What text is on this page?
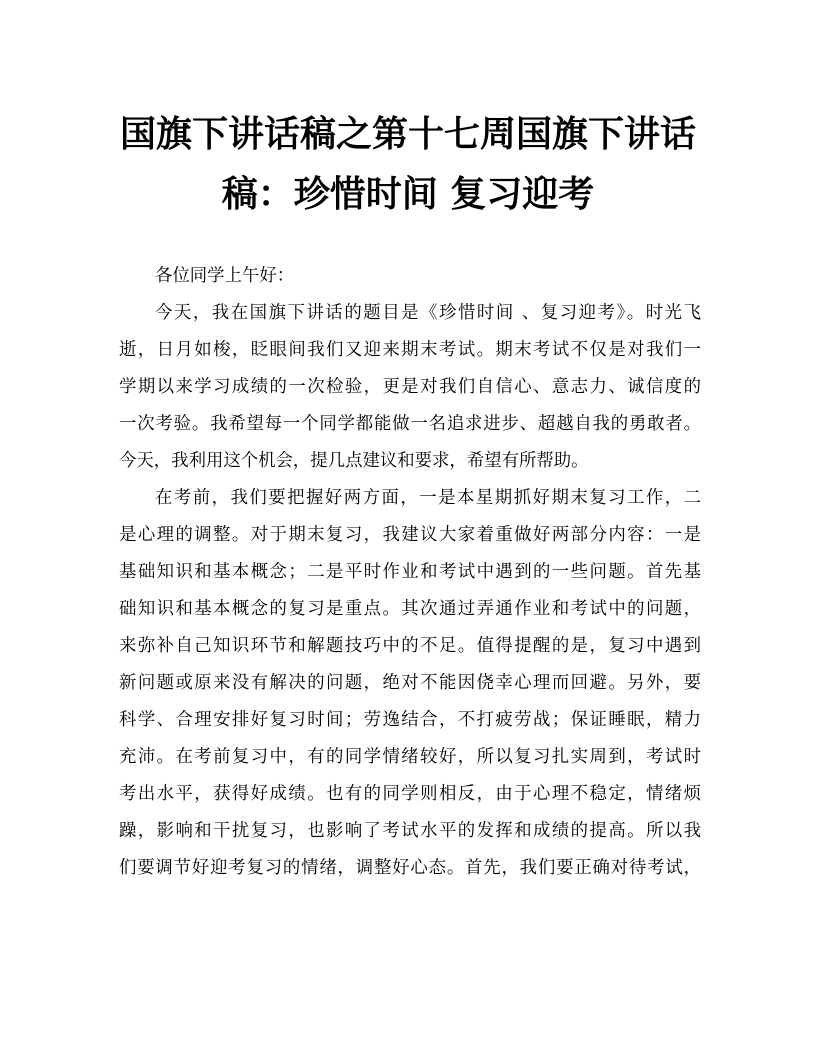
国旗下讲话稿之第十七周国旗下讲话
稿：珍惜时间 复习迎考
各位同学上午好：
今天，我在国旗下讲话的题目是《珍惜时间 、复习迎考》。时光飞
逝，日月如梭，眨眼间我们又迎来期末考试。期末考试不仅是对我们一
学期以来学习成绩的一次检验，更是对我们自信心、意志力、诚信度的
一次考验。我希望每一个同学都能做一名追求进步、超越自我的勇敢者。
今天，我利用这个机会，提几点建议和要求，希望有所帮助。
在考前，我们要把握好两方面，一是本星期抓好期末复习工作，二
是心理的调整。对于期末复习，我建议大家着重做好两部分内容：一是
基础知识和基本概念；二是平时作业和考试中遇到的一些问题。首先基
础知识和基本概念的复习是重点。其次通过弄通作业和考试中的问题，
来弥补自己知识环节和解题技巧中的不足。值得提醒的是，复习中遇到
新问题或原来没有解决的问题，绝对不能因侥幸心理而回避。另外，要
科学、合理安排好复习时间；劳逸结合，不打疲劳战；保证睡眠，精力
充沛。在考前复习中，有的同学情绪较好，所以复习扎实周到，考试时
考出水平，获得好成绩。也有的同学则相反，由于心理不稳定，情绪烦
躁，影响和干扰复习，也影响了考试水平的发挥和成绩的提高。所以我
们要调节好迎考复习的情绪，调整好心态。首先，我们要正确对待考试，
